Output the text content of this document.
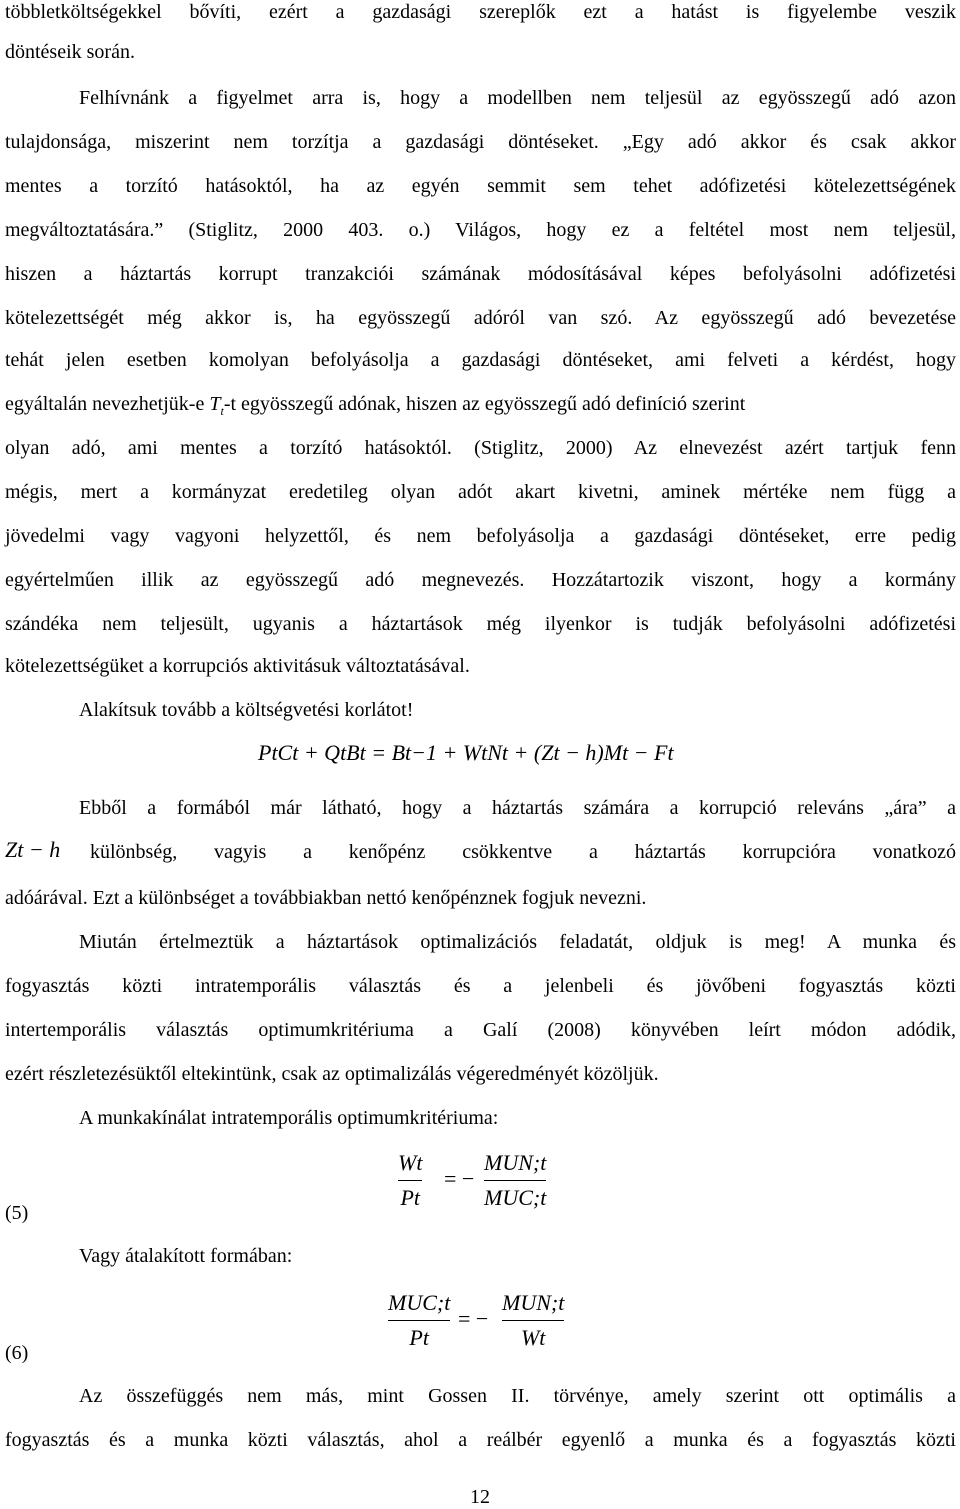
többletköltségekkel bővíti, ezért a gazdasági szereplők ezt a hatást is figyelembe veszik
döntéseik során.
Felhívnánk a figyelmet arra is, hogy a modellben nem teljesül az egyösszegű adó azon
tulajdonsága, miszerint nem torzítja a gazdasági döntéseket. „Egy adó akkor és csak akkor
mentes a torzító hatásoktól, ha az egyén semmit sem tehet adófizetési kötelezettségének
megváltoztatására.” (Stiglitz, 2000 403. o.) Világos, hogy ez a feltétel most nem teljesül,
hiszen a háztartás korrupt tranzakciói számának módosításával képes befolyásolni adófizetési
kötelezettségét még akkor is, ha egyösszegű adóról van szó. Az egyösszegű adó bevezetése
tehát jelen esetben komolyan befolyásolja a gazdasági döntéseket, ami felveti a kérdést, hogy
egyáltalán nevezhetjük-e $T_t-t$ egyösszegű adónak, hiszen az egyösszegű adó definíció szerint
olyan adó, ami mentes a torzító hatásoktól. (Stiglitz, 2000) Az elnevezést azért tartjuk fenn
mégis, mert a kormányzat eredetileg olyan adót akart kivetni, aminek mértéke nem függ a
jövedelmi vagy vagyoni helyzettől, és nem befolyásolja a gazdasági döntéseket, erre pedig
egyértelműen illik az egyösszegű adó megnevezés. Hozzátartozik viszont, hogy a kormány
szándéka nem teljesült, ugyanis a háztartások még ilyenkor is tudják befolyásolni adófizetési
kötelezettségüket a korrupciós aktivitásuk változtatásával.
Alakítsuk tovább a költségvetési korlátot!
PtCt + QtBt = Bt−1 + WtNt + (Zt − h)Mt − Ft
Ebből a formából már látható, hogy a háztartás számára a korrupció releváns „ára” a
Zt − h különbség, vagyis a kenőpénz csökkentve a háztartás korrupcióra vonatkozó
adóárával. Ezt a különbséget a továbbiakban nettó kenőpénznek fogjuk nevezni.
Miután értelmeztük a háztartások optimalizációs feladatát, oldjuk is meg! A munka és
fogyasztás közti intratemporális választás és a jelenbeli és jövőbeni fogyasztás közti
intertemporális választás optimumkritériuma a Galí (2008) könyvében leírt módon adódik,
ezért részletezésüktől eltekintünk, csak az optimalizálás végeredményét közöljük.
A munkakínálat intratemporális optimumkritériuma:
Wt
Pt
= −
MUN;t
MUC;t
(5)
Vagy átalakított formában:
MUC;t
Pt
= −
MUN;t
Wt
(6)
Az összefüggés nem más, mint Gossen II. törvénye, amely szerint ott optimális a
fogyasztás és a munka közti választás, ahol a reálbér egyenlő a munka és a fogyasztás közti
12
